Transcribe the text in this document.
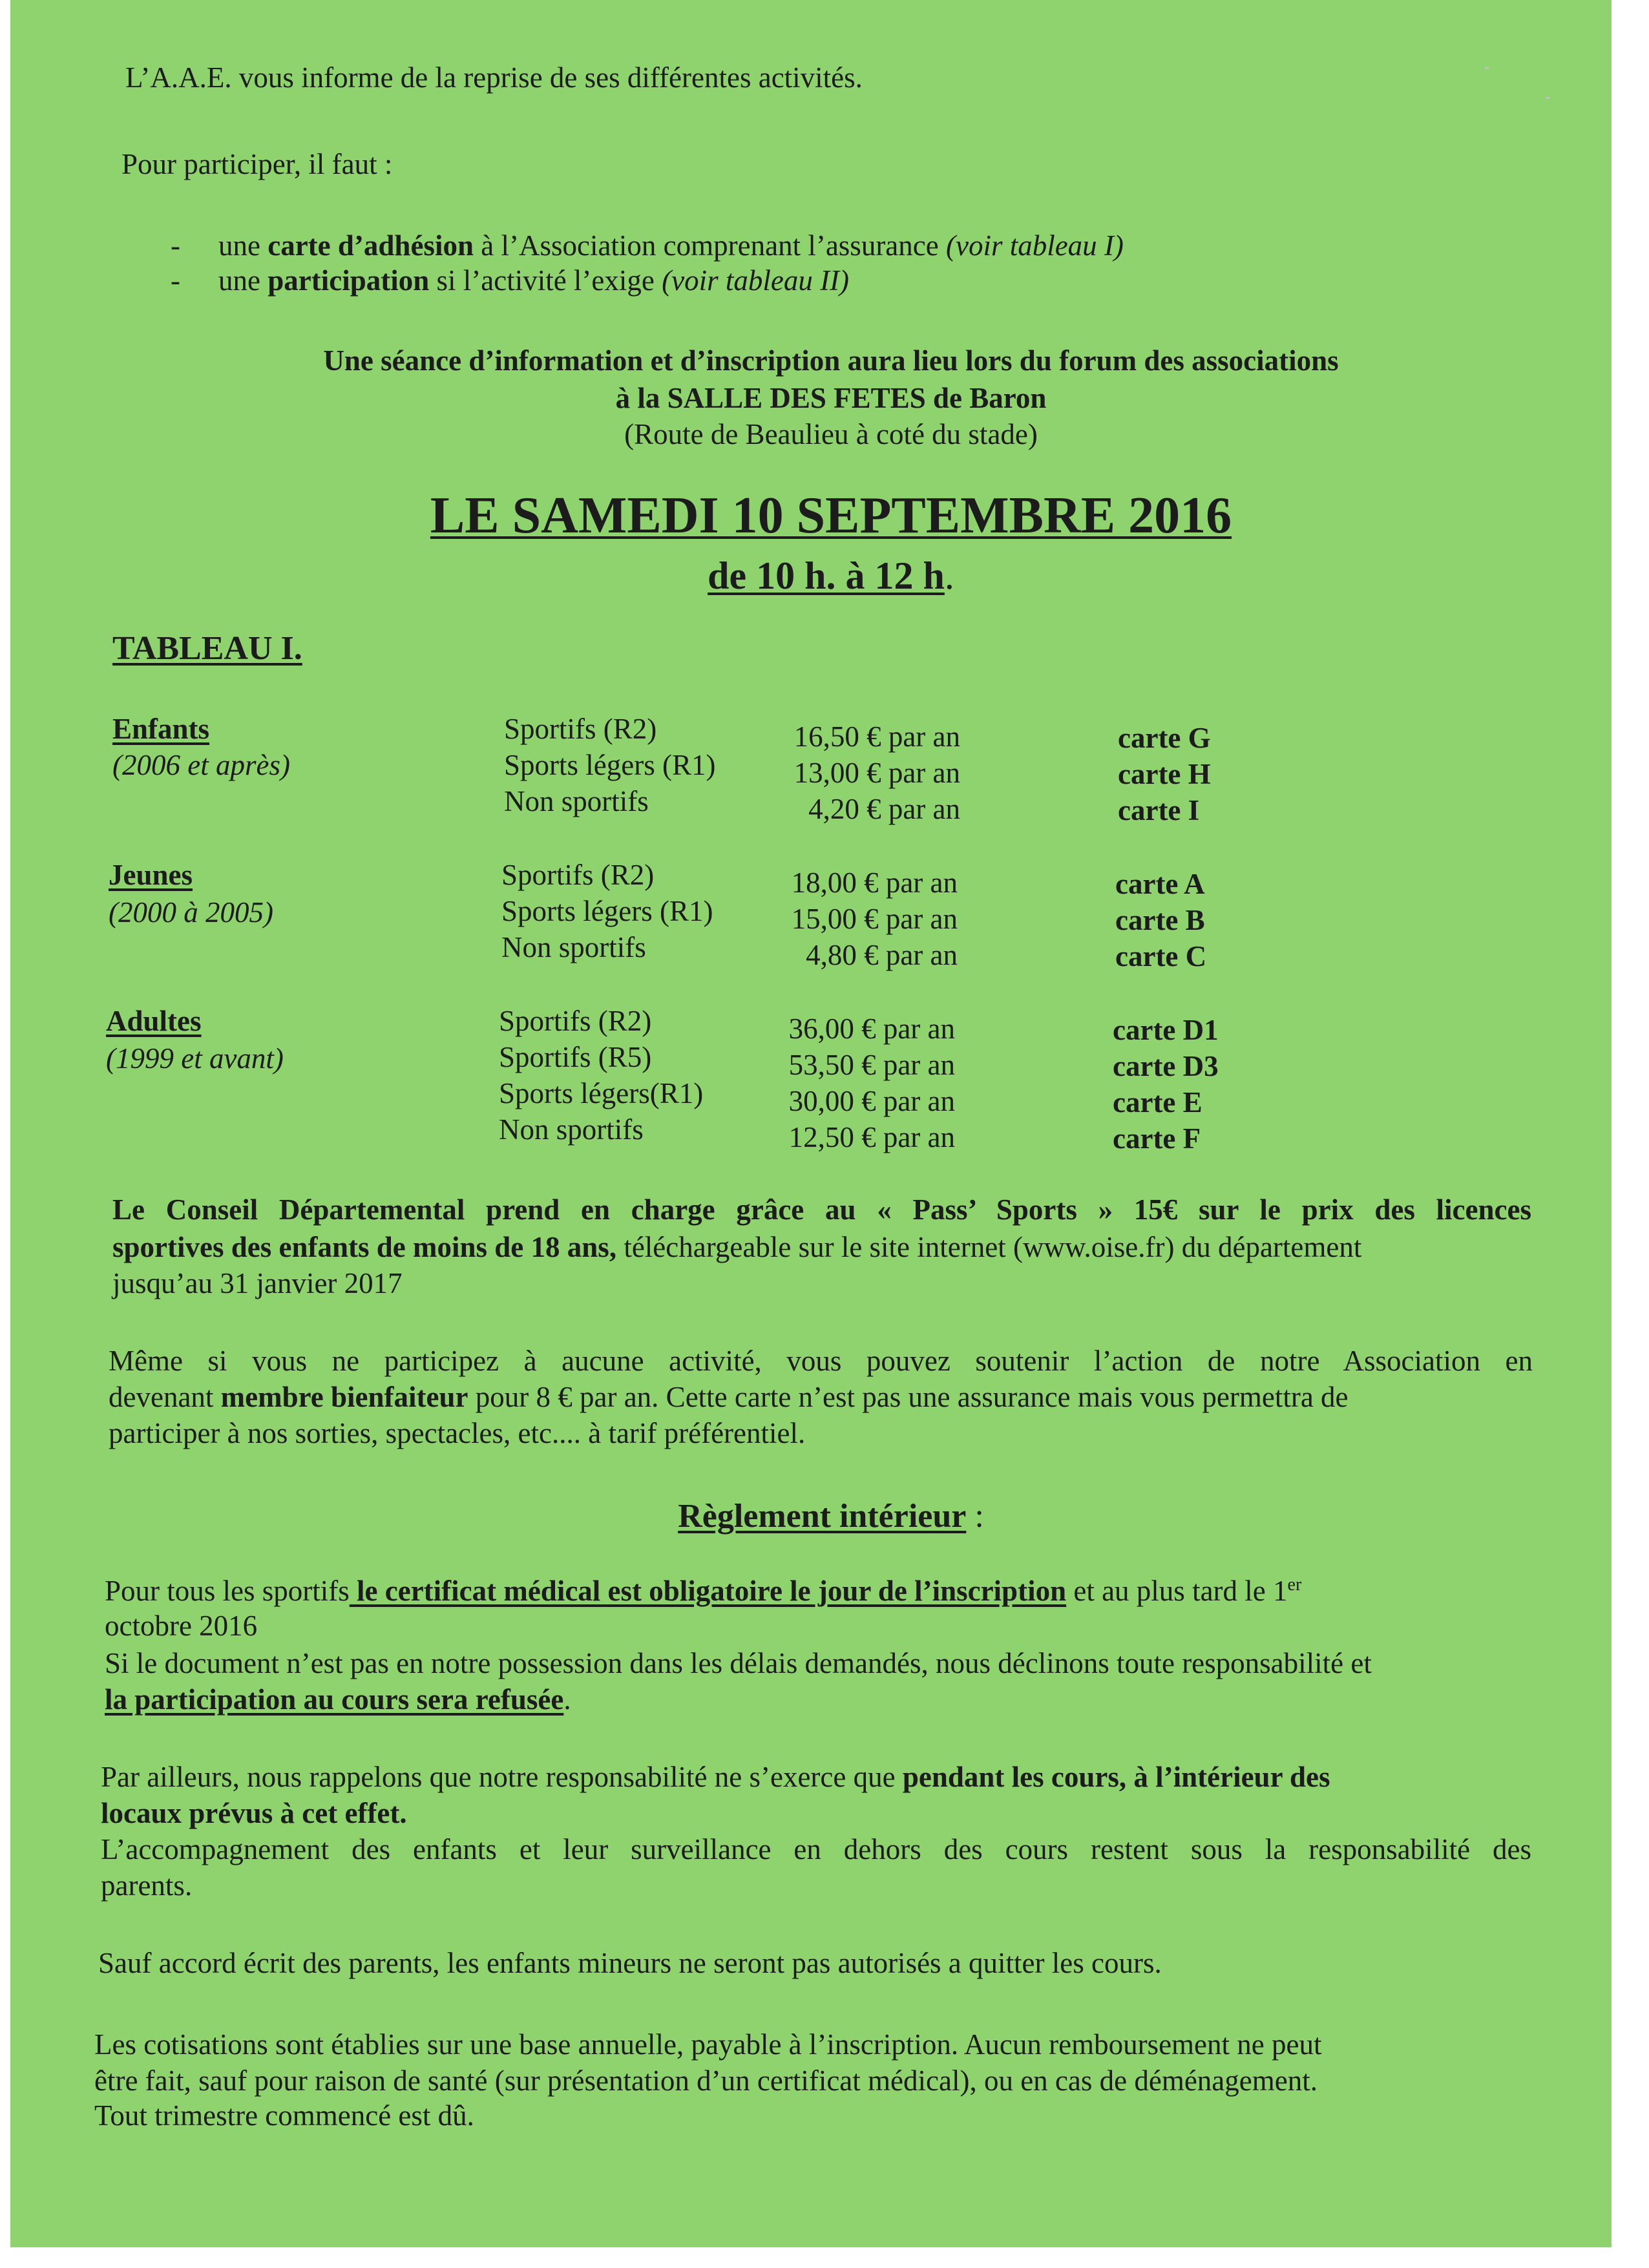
L’A.A.E. vous informe de la reprise de ses différentes activités.

Pour participer, il faut :

- une carte d’adhésion à l’Association comprenant l’assurance (voir tableau I)

- une participation si l’activité l’exige (voir tableau II)

Une séance d’information et d’inscription aura lieu lors du forum des associations

à la SALLE DES FETES de Baron

(Route de Beaulieu à coté du stade)

LE SAMEDI 10 SEPTEMBRE 2016

de 10 h. à 12 h.

TABLEAU I.

Enfants

(2006 et après)

Sportifs (R2)	16,50 € par an	carte G

Sports légers (R1)	13,00 € par an	carte H

Non sportifs	4,20 € par an	carte I

Jeunes

(2000 à 2005)

Sportifs (R2)	18,00 € par an	carte A

Sports légers (R1)	15,00 € par an	carte B

Non sportifs	4,80 € par an	carte C

Adultes

(1999 et avant)

Sportifs (R2)	36,00 € par an	carte D1

Sportifs (R5)	53,50 € par an	carte D3

Sports légers(R1)	30,00 € par an	carte E

Non sportifs	12,50 € par an	carte F

Le Conseil Départemental prend en charge grâce au « Pass’ Sports » 15€ sur le prix des licences

sportives des enfants de moins de 18 ans, téléchargeable sur le site internet (www.oise.fr) du département

jusqu’au 31 janvier 2017

Même si vous ne participez à aucune activité, vous pouvez soutenir l’action de notre Association en

devenant membre bienfaiteur pour 8 € par an. Cette carte n’est pas une assurance mais vous permettra de

participer à nos sorties, spectacles, etc.... à tarif préférentiel.

Règlement intérieur :

Pour tous les sportifs le certificat médical est obligatoire le jour de l’inscription et au plus tard le 1er

octobre 2016

Si le document n’est pas en notre possession dans les délais demandés, nous déclinons toute responsabilité et

la participation au cours sera refusée.

Par ailleurs, nous rappelons que notre responsabilité ne s’exerce que pendant les cours, à l’intérieur des

locaux prévus à cet effet.

L’accompagnement des enfants et leur surveillance en dehors des cours restent sous la responsabilité des

parents.

Sauf accord écrit des parents, les enfants mineurs ne seront pas autorisés a quitter les cours.

Les cotisations sont établies sur une base annuelle, payable à l’inscription. Aucun remboursement ne peut

être fait, sauf pour raison de santé (sur présentation d’un certificat médical), ou en cas de déménagement.

Tout trimestre commencé est dû.
